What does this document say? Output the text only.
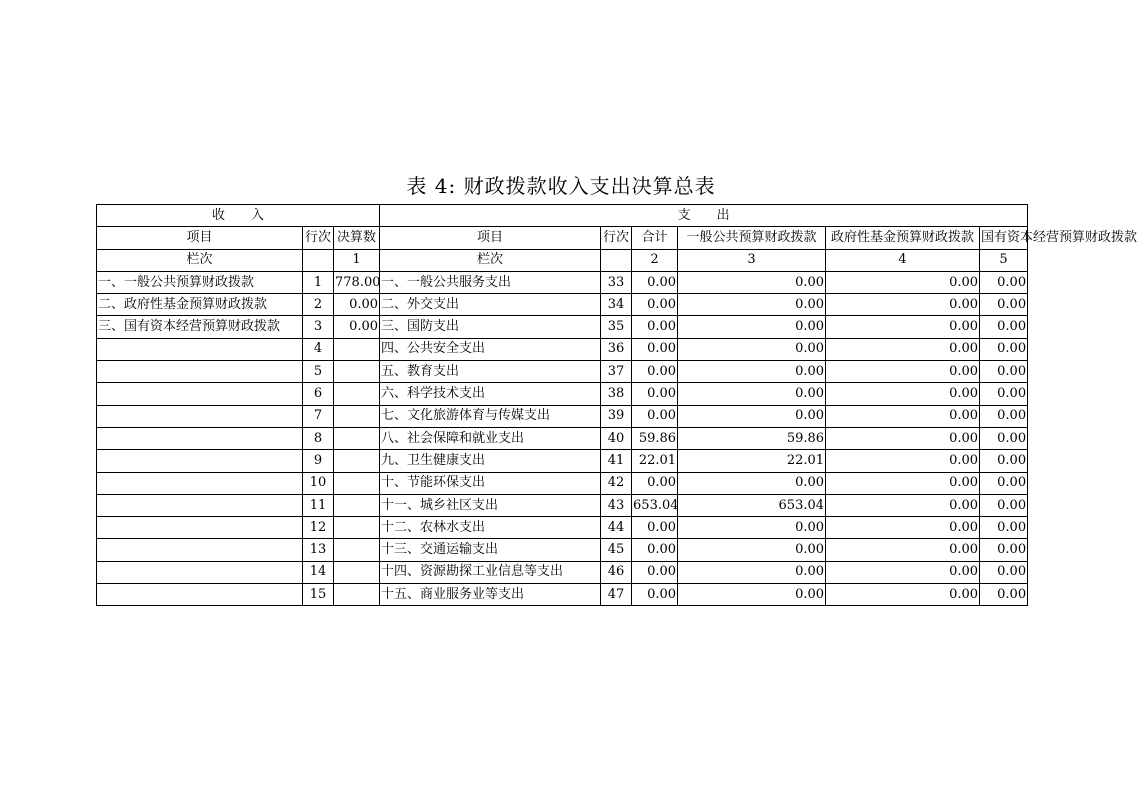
表 4: 财政拨款收入支出决算总表
收　　入			支　　出					
项目	行次	决算数	项目	行次	合计	一般公共预算财政拨款	政府性基金预算财政拨款	国有资本经营预算财政拨款
栏次		1	栏次		2	3	4	5
一、一般公共预算财政拨款	1	778.00	一、一般公共服务支出	33	0.00	0.00	0.00	0.00
二、政府性基金预算财政拨款	2	0.00	二、外交支出	34	0.00	0.00	0.00	0.00
三、国有资本经营预算财政拨款	3	0.00	三、国防支出	35	0.00	0.00	0.00	0.00
	4		四、公共安全支出	36	0.00	0.00	0.00	0.00
	5		五、教育支出	37	0.00	0.00	0.00	0.00
	6		六、科学技术支出	38	0.00	0.00	0.00	0.00
	7		七、文化旅游体育与传媒支出	39	0.00	0.00	0.00	0.00
	8		八、社会保障和就业支出	40	59.86	59.86	0.00	0.00
	9		九、卫生健康支出	41	22.01	22.01	0.00	0.00
	10		十、节能环保支出	42	0.00	0.00	0.00	0.00
	11		十一、城乡社区支出	43	653.04	653.04	0.00	0.00
	12		十二、农林水支出	44	0.00	0.00	0.00	0.00
	13		十三、交通运输支出	45	0.00	0.00	0.00	0.00
	14		十四、资源勘探工业信息等支出	46	0.00	0.00	0.00	0.00
	15		十五、商业服务业等支出	47	0.00	0.00	0.00	0.00
